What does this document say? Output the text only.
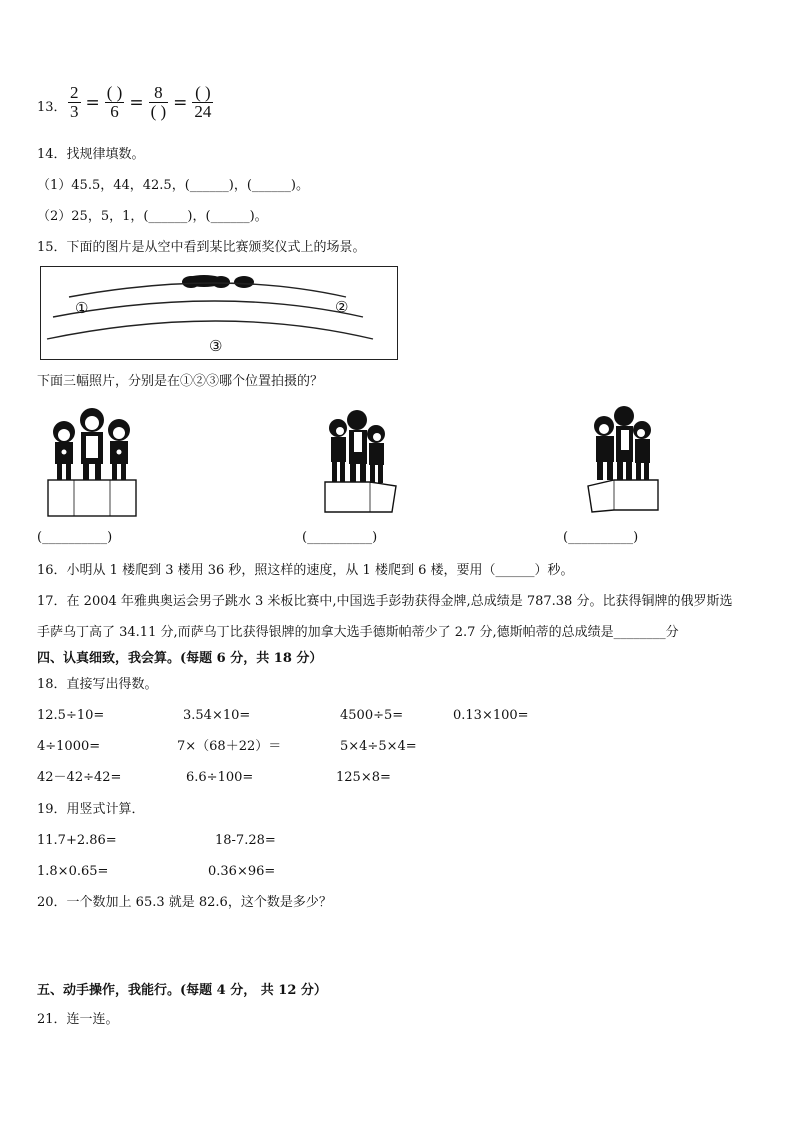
13． $\frac{2}{3} = \frac{( )}{6} = \frac{8}{( )} = \frac{( )}{24}$
14．找规律填数。
（1）45.5，44，42.5，(______)，(______)。
（2）25，5，1，(______)，(______)。
15．下面的图片是从空中看到某比赛颁奖仪式上的场景。
①	②
③
下面三幅照片，分别是在①②③哪个位置拍摄的？
(__________)	(__________)	(__________)
16．小明从 1 楼爬到 3 楼用 36 秒，照这样的速度，从 1 楼爬到 6 楼，要用（______）秒。
17．在 2004 年雅典奥运会男子跳水 3 米板比赛中,中国选手彭勃获得金牌,总成绩是 787.38 分。比获得铜牌的俄罗斯选
手萨乌丁高了 34.11 分,而萨乌丁比获得银牌的加拿大选手德斯帕蒂少了 2.7 分,德斯帕蒂的总成绩是________分
四、认真细致，我会算。(每题 6 分，共 18 分）
18．直接写出得数。
12.5÷10=	3.54×10=	4500÷5=	0.13×100=
4÷1000=	7×（68＋22）＝	5×4÷5×4=
42－42÷42=	6.6÷100=	125×8=
19．用竖式计算．
11.7+2.86=	18-7.28=
1.8×0.65=	0.36×96=
20．一个数加上 65.3 就是 82.6，这个数是多少？
五、动手操作，我能行。(每题 4 分， 共 12 分）
21．连一连。
